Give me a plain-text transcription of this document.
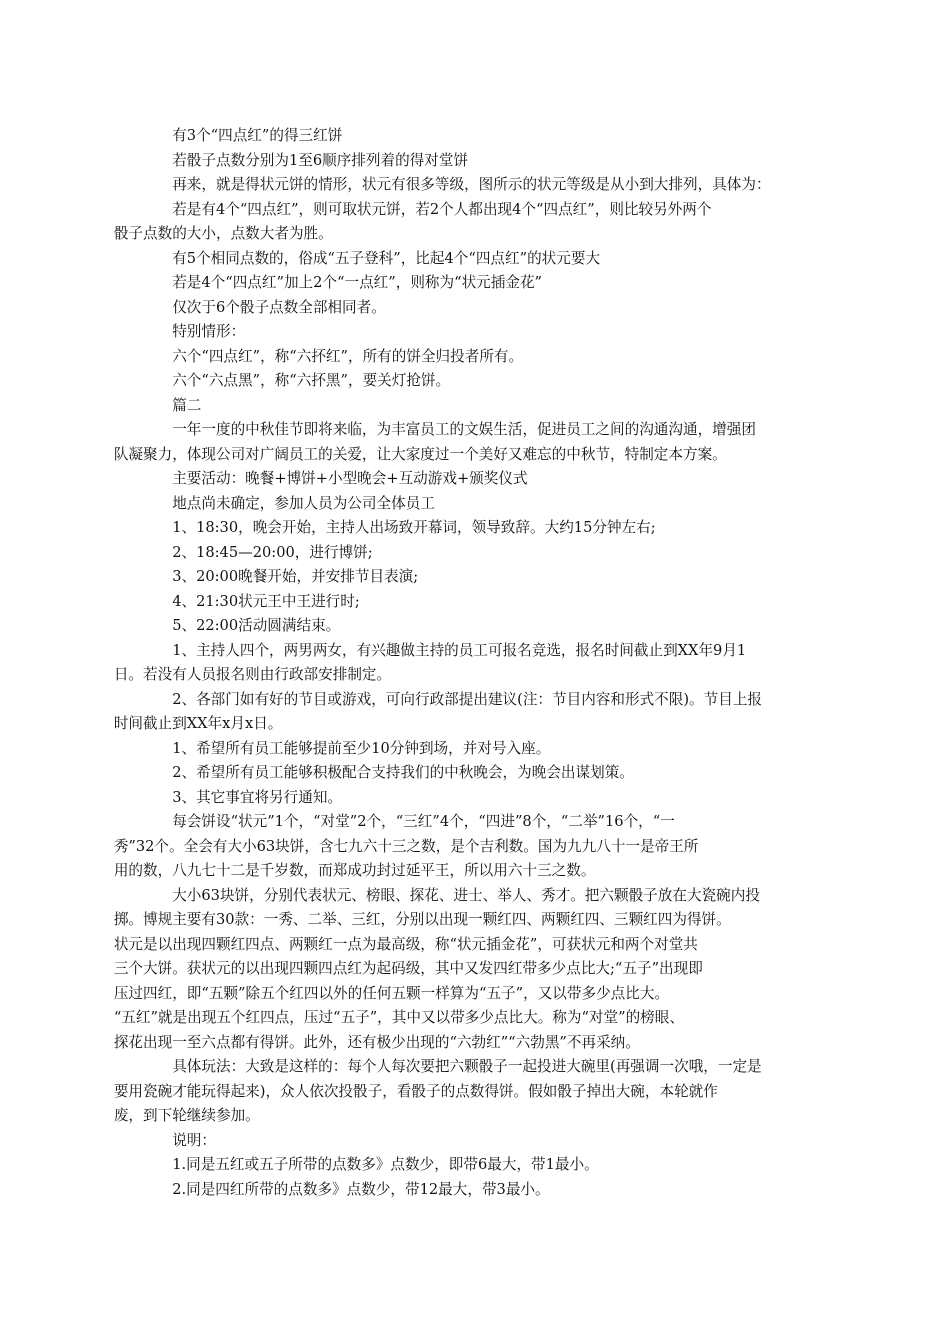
有3个“四点红”的得三红饼

若骰子点数分别为1至6顺序排列着的得对堂饼

再来，就是得状元饼的情形，状元有很多等级，图所示的状元等级是从小到大排列，具体为：

若是有4个“四点红”，则可取状元饼，若2个人都出现4个“四点红”，则比较另外两个
骰子点数的大小，点数大者为胜。

有5个相同点数的，俗成“五子登科”，比起4个“四点红”的状元要大

若是4个“四点红”加上2个“一点红”，则称为“状元插金花”

仅次于6个骰子点数全部相同者。

特别情形：

六个“四点红”，称“六抔红”，所有的饼全归投者所有。

六个“六点黑”，称“六抔黑”，要关灯抢饼。

篇二

一年一度的中秋佳节即将来临，为丰富员工的文娱生活，促进员工之间的沟通沟通，增强团
队凝聚力，体现公司对广阔员工的关爱，让大家度过一个美好又难忘的中秋节，特制定本方案。

主要活动：晚餐+博饼+小型晚会+互动游戏+颁奖仪式

地点尚未确定，参加人员为公司全体员工

1、18:30，晚会开始，主持人出场致开幕词，领导致辞。大约15分钟左右;

2、18:45—20:00，进行博饼;

3、20:00晚餐开始，并安排节目表演;

4、21:30状元王中王进行时;

5、22:00活动圆满结束。

1、主持人四个，两男两女，有兴趣做主持的员工可报名竞选，报名时间截止到XX年9月1
日。若没有人员报名则由行政部安排制定。

2、各部门如有好的节目或游戏，可向行政部提出建议(注：节目内容和形式不限)。节目上报
时间截止到XX年x月x日。

1、希望所有员工能够提前至少10分钟到场，并对号入座。

2、希望所有员工能够积极配合支持我们的中秋晚会，为晚会出谋划策。

3、其它事宜将另行通知。

每会饼设“状元”1个，“对堂”2个，“三红”4个，“四进”8个，“二举”16个，“一
秀”32个。全会有大小63块饼，含七九六十三之数，是个吉利数。国为九九八十一是帝王所
用的数，八九七十二是千岁数，而郑成功封过延平王，所以用六十三之数。

大小63块饼，分别代表状元、榜眼、探花、进士、举人、秀才。把六颗骰子放在大瓷碗内投
掷。博规主要有30款：一秀、二举、三红，分别以出现一颗红四、两颗红四、三颗红四为得饼。
状元是以出现四颗红四点、两颗红一点为最高级，称“状元插金花”，可获状元和两个对堂共
三个大饼。获状元的以出现四颗四点红为起码级，其中又发四红带多少点比大;“五子”出现即
压过四红，即“五颗”除五个红四以外的任何五颗一样算为“五子”，又以带多少点比大。
“五红”就是出现五个红四点，压过“五子”，其中又以带多少点比大。称为“对堂”的榜眼、
探花出现一至六点都有得饼。此外，还有极少出现的“六勃红”“六勃黑”不再采纳。

具体玩法：大致是这样的：每个人每次要把六颗骰子一起投进大碗里(再强调一次哦，一定是
要用瓷碗才能玩得起来)，众人依次投骰子，看骰子的点数得饼。假如骰子掉出大碗，本轮就作
废，到下轮继续参加。

说明：

1.同是五红或五子所带的点数多》点数少，即带6最大，带1最小。

2.同是四红所带的点数多》点数少，带12最大，带3最小。
